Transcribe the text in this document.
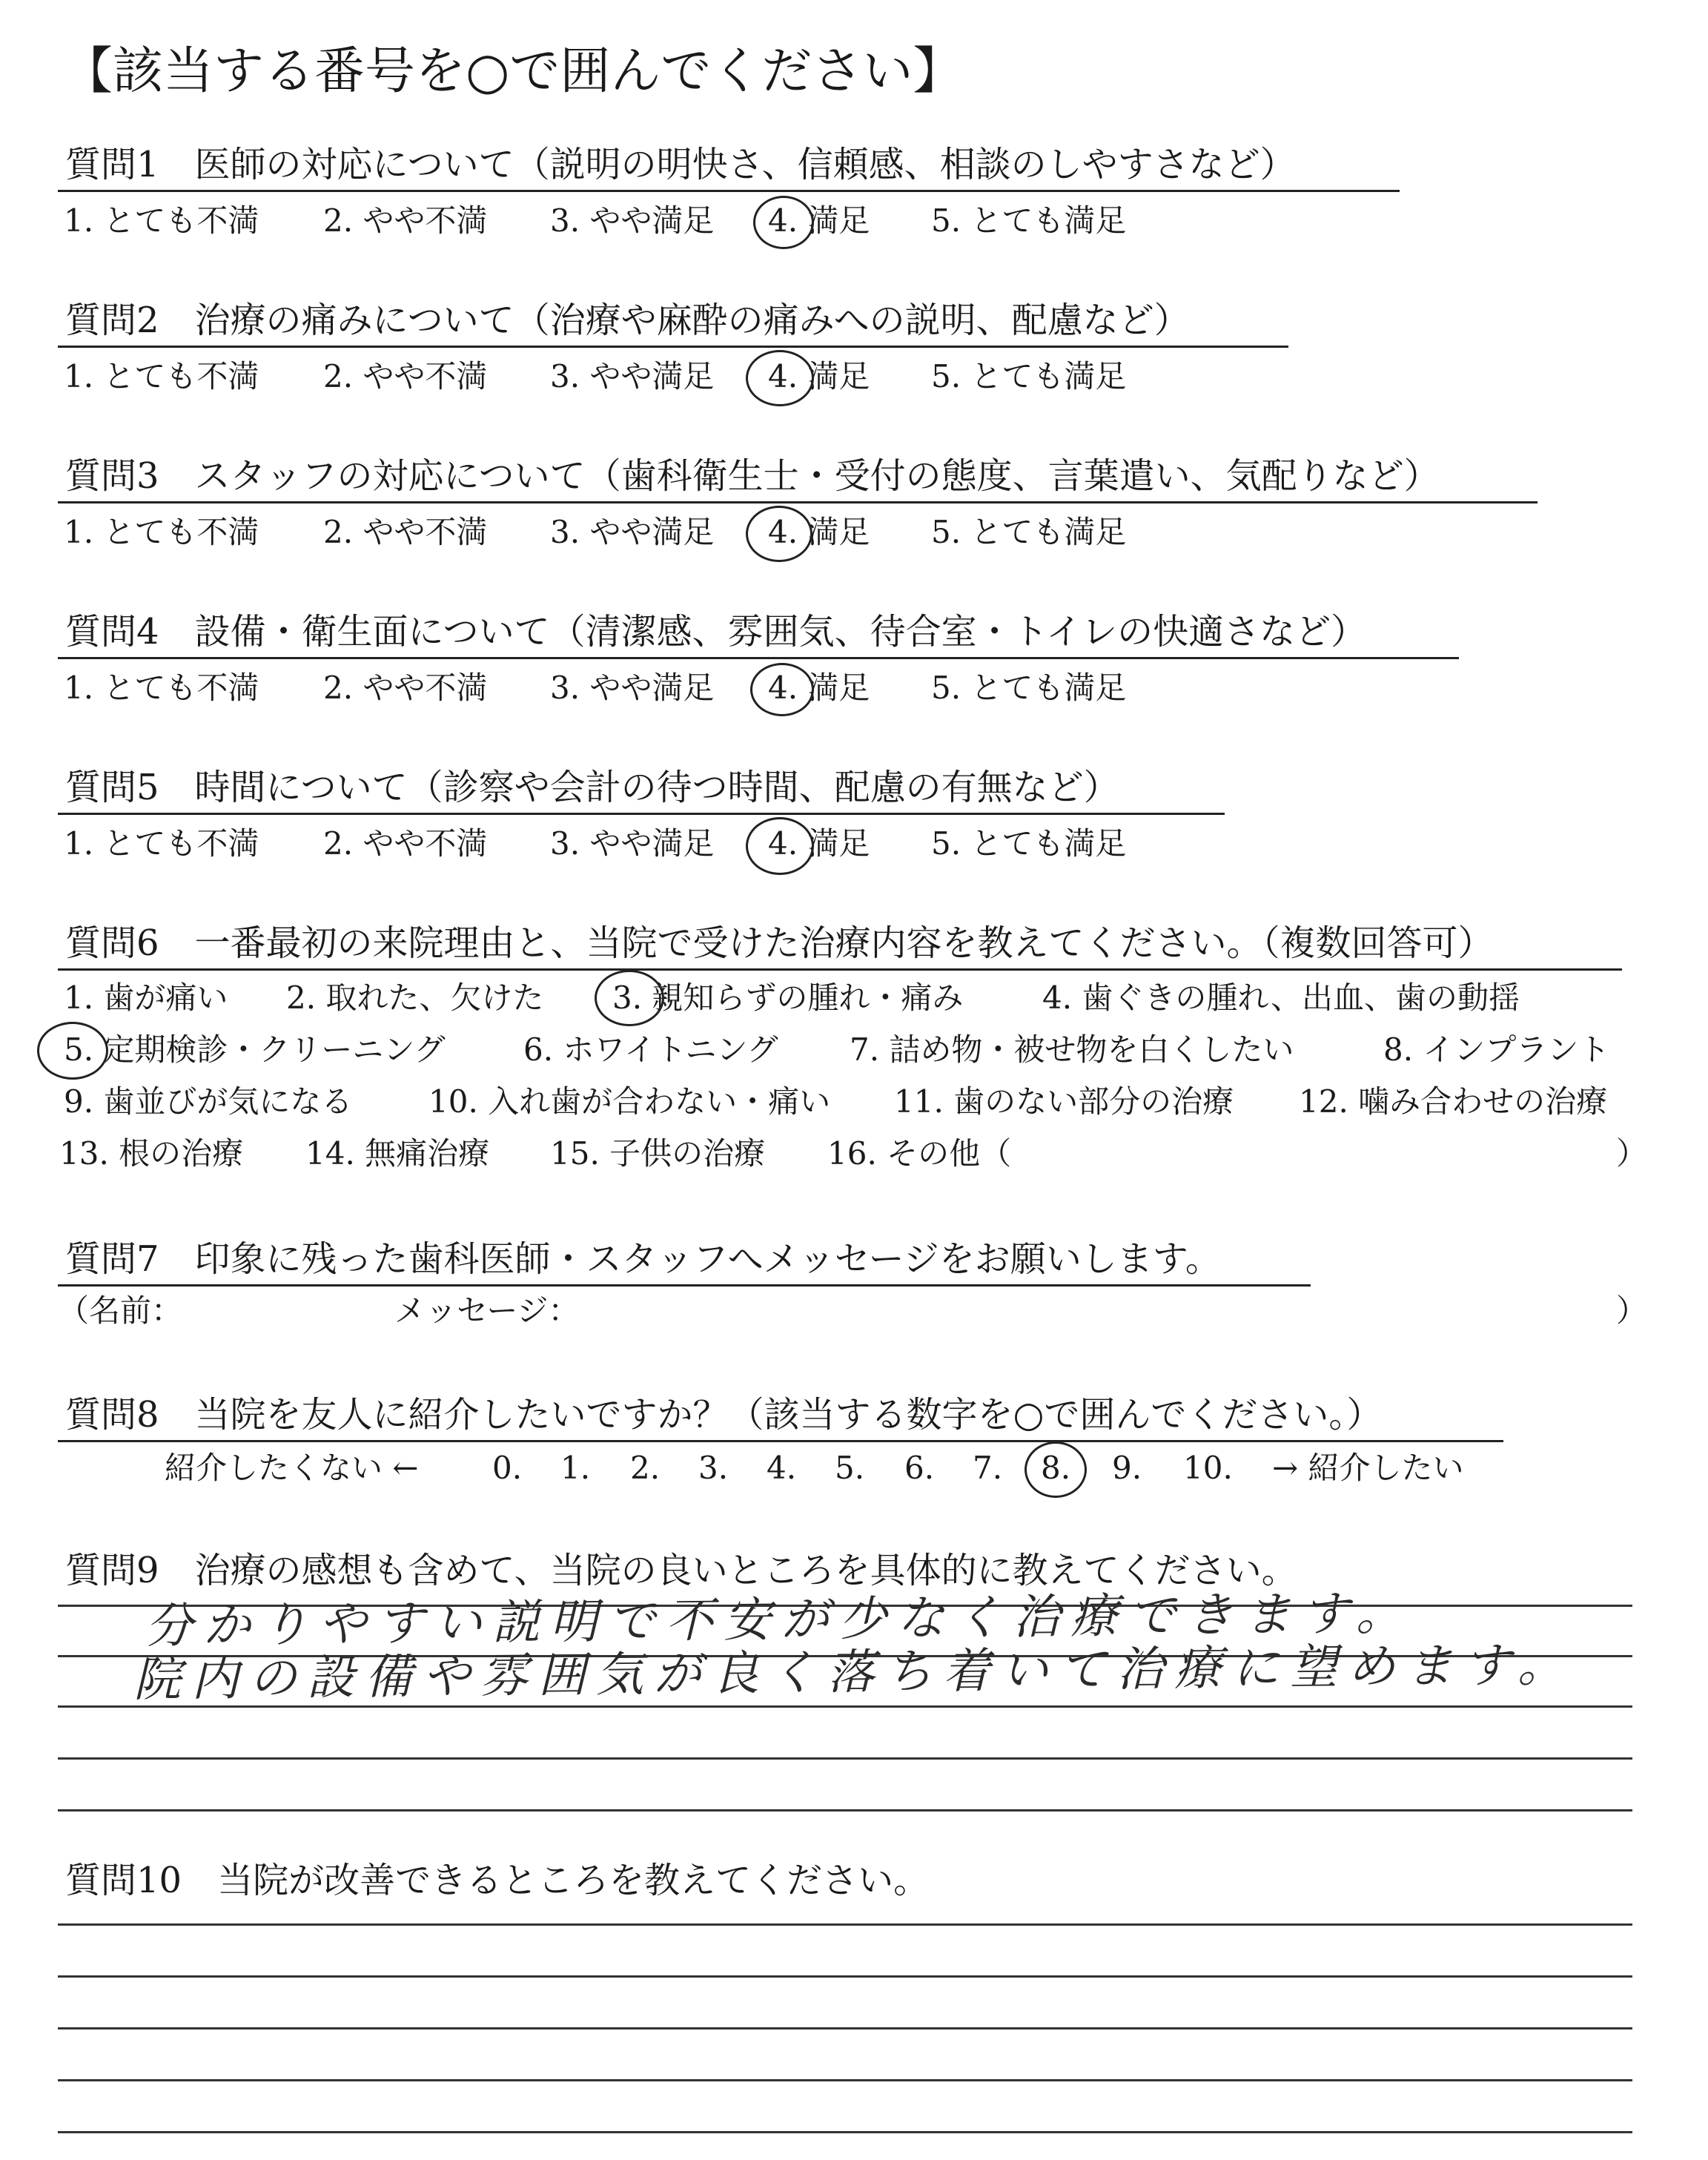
【該当する番号を○で囲んでください】
質問1　医師の対応について（説明の明快さ、信頼感、相談のしやすさなど）
1. とても不満 2. やや不満 3. やや満足 4. 満足 5. とても満足
質問2　治療の痛みについて（治療や麻酔の痛みへの説明、配慮など）
1. とても不満 2. やや不満 3. やや満足 4. 満足 5. とても満足
質問3　スタッフの対応について（歯科衛生士・受付の態度、言葉遣い、気配りなど）
1. とても不満 2. やや不満 3. やや満足 4. 満足 5. とても満足
質問4　設備・衛生面について（清潔感、雰囲気、待合室・トイレの快適さなど）
1. とても不満 2. やや不満 3. やや満足 4. 満足 5. とても満足
質問5　時間について（診察や会計の待つ時間、配慮の有無など）
1. とても不満 2. やや不満 3. やや満足 4. 満足 5. とても満足
質問6　一番最初の来院理由と、当院で受けた治療内容を教えてください。（複数回答可）
1. 歯が痛い 2. 取れた、欠けた 3. 親知らずの腫れ・痛み	4. 歯ぐきの腫れ、出血、歯の動揺
5. 定期検診・クリーニング	6. ホワイトニング 7. 詰め物・被せ物を白くしたい	8. インプラント
9. 歯並びが気になる 10. 入れ歯が合わない・痛い 11. 歯のない部分の治療 12. 噛み合わせの治療
13. 根の治療 14. 無痛治療 15. 子供の治療 16. その他（	）
質問7　印象に残った歯科医師・スタッフへメッセージをお願いします。
（名前：	メッセージ：	）
質問8　当院を友人に紹介したいですか？（該当する数字を○で囲んでください。）
紹介したくない ← 0. 1. 2. 3. 4. 5. 6. 7. 8. 9. 10. → 紹介したい
質問9　治療の感想も含めて、当院の良いところを具体的に教えてください。
分かりやすい説明で不安が少なく治療できます。
院内の設備や雰囲気が良く落ち着いて治療に望めます。
質問10　当院が改善できるところを教えてください。
